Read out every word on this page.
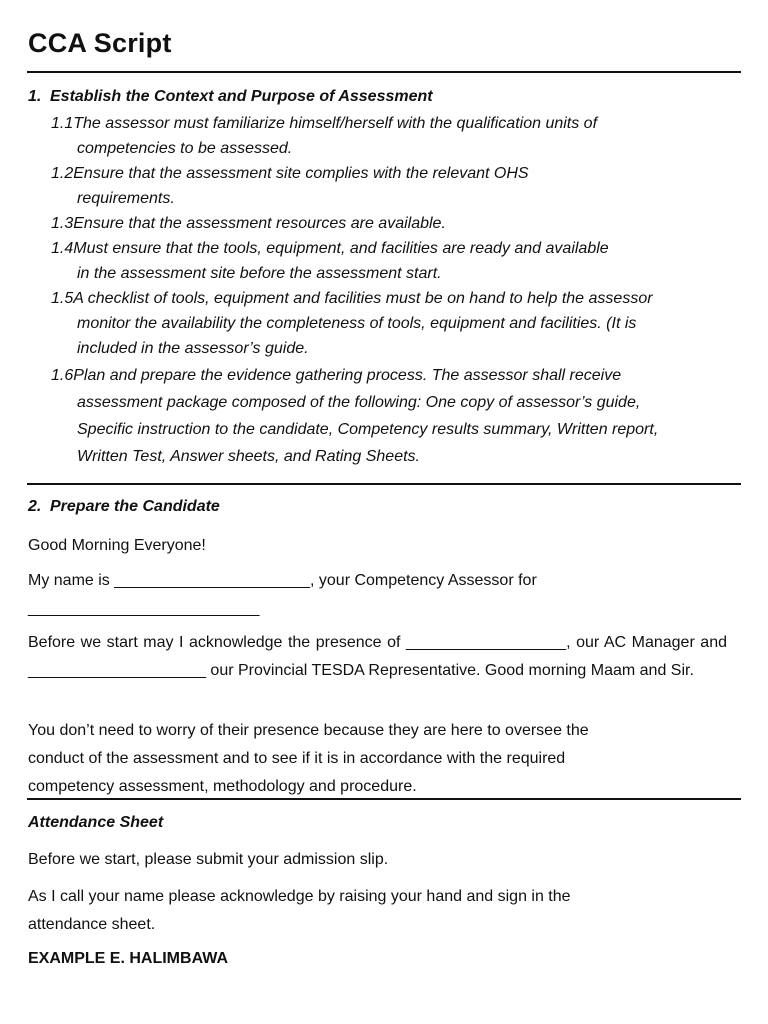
CCA Script
1. Establish the Context and Purpose of Assessment
1.1The assessor must familiarize himself/herself with the qualification units of
competencies to be assessed.
1.2Ensure that the assessment site complies with the relevant OHS
requirements.
1.3Ensure that the assessment resources are available.
1.4Must ensure that the tools, equipment, and facilities are ready and available
in the assessment site before the assessment start.
1.5A checklist of tools, equipment and facilities must be on hand to help the assessor
monitor the availability the completeness of tools, equipment and facilities. (It is
included in the assessor’s guide.
1.6Plan and prepare the evidence gathering process. The assessor shall receive
assessment package composed of the following: One copy of assessor’s guide,
Specific instruction to the candidate, Competency results summary, Written report,
Written Test, Answer sheets, and Rating Sheets.
2. Prepare the Candidate
Good Morning Everyone!
My name is ______________________, your Competency Assessor for
__________________________
Before we start may I acknowledge the presence of __________________, our AC Manager and ____________________ our Provincial TESDA Representative. Good morning Maam and Sir.
You don’t need to worry of their presence because they are here to oversee the
conduct of the assessment and to see if it is in accordance with the required
competency assessment, methodology and procedure.
Attendance Sheet
Before we start, please submit your admission slip.
As I call your name please acknowledge by raising your hand and sign in the
attendance sheet.
EXAMPLE E. HALIMBAWA
